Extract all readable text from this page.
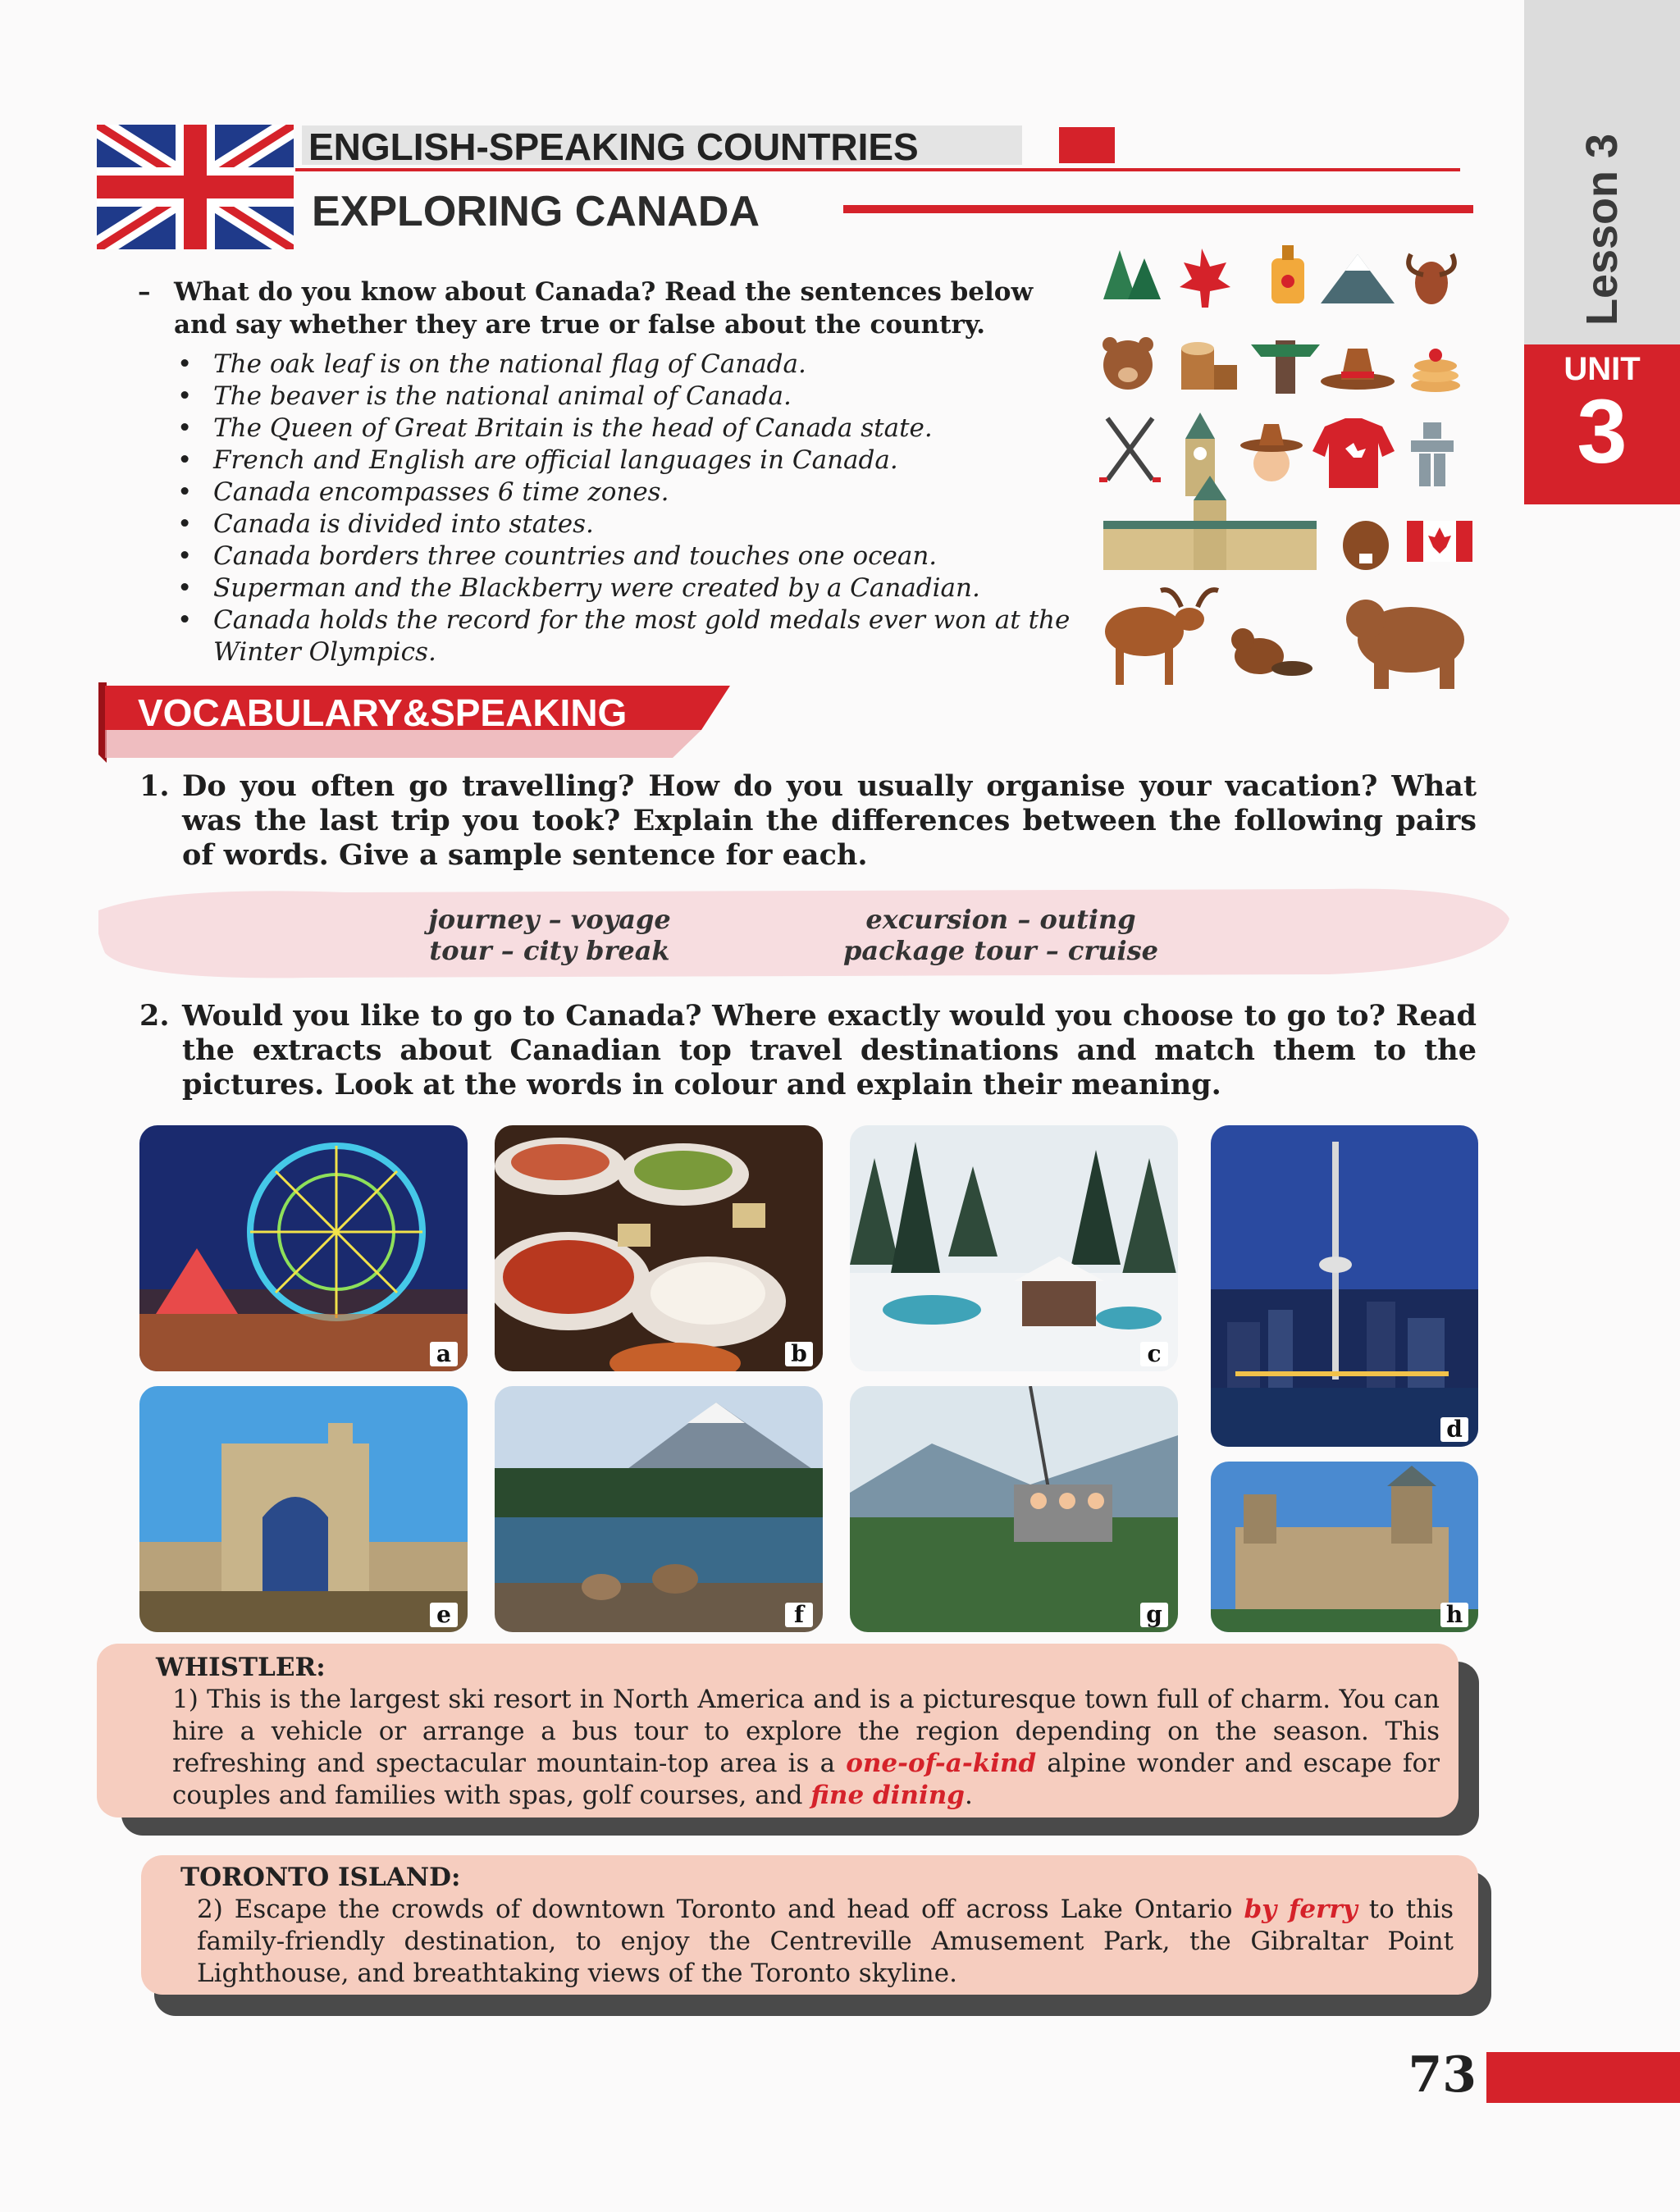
Lesson 3
UNIT
3
ENGLISH-SPEAKING COUNTRIES
EXPLORING CANADA
– What do you know about Canada? Read the sentences below and say whether they are true or false about the country.
• The oak leaf is on the national flag of Canada.
• The beaver is the national animal of Canada.
• The Queen of Great Britain is the head of Canada state.
• French and English are official languages in Canada.
• Canada encompasses 6 time zones.
• Canada is divided into states.
• Canada borders three countries and touches one ocean.
• Superman and the Blackberry were created by a Canadian.
• Canada holds the record for the most gold medals ever won at the Winter Olympics.
VOCABULARY&SPEAKING
1. Do you often go travelling? How do you usually organise your vacation? What was the last trip you took? Explain the differences between the following pairs of words. Give a sample sentence for each.
journey – voyage
tour – city break
excursion – outing
package tour – cruise
2. Would you like to go to Canada? Where exactly would you choose to go to? Read the extracts about Canadian top travel destinations and match them to the pictures. Look at the words in colour and explain their meaning.
a	b	c
d
e	f	g	h
WHISTLER:
1) This is the largest ski resort in North America and is a picturesque town full of charm. You can hire a vehicle or arrange a bus tour to explore the region depending on the season. This refreshing and spectacular mountain-top area is a one-of-a-kind alpine wonder and escape for couples and families with spas, golf courses, and fine dining.
TORONTO ISLAND:
2) Escape the crowds of downtown Toronto and head off across Lake Ontario by ferry to this family-friendly destination, to enjoy the Centreville Amusement Park, the Gibraltar Point Lighthouse, and breathtaking views of the Toronto skyline.
73
